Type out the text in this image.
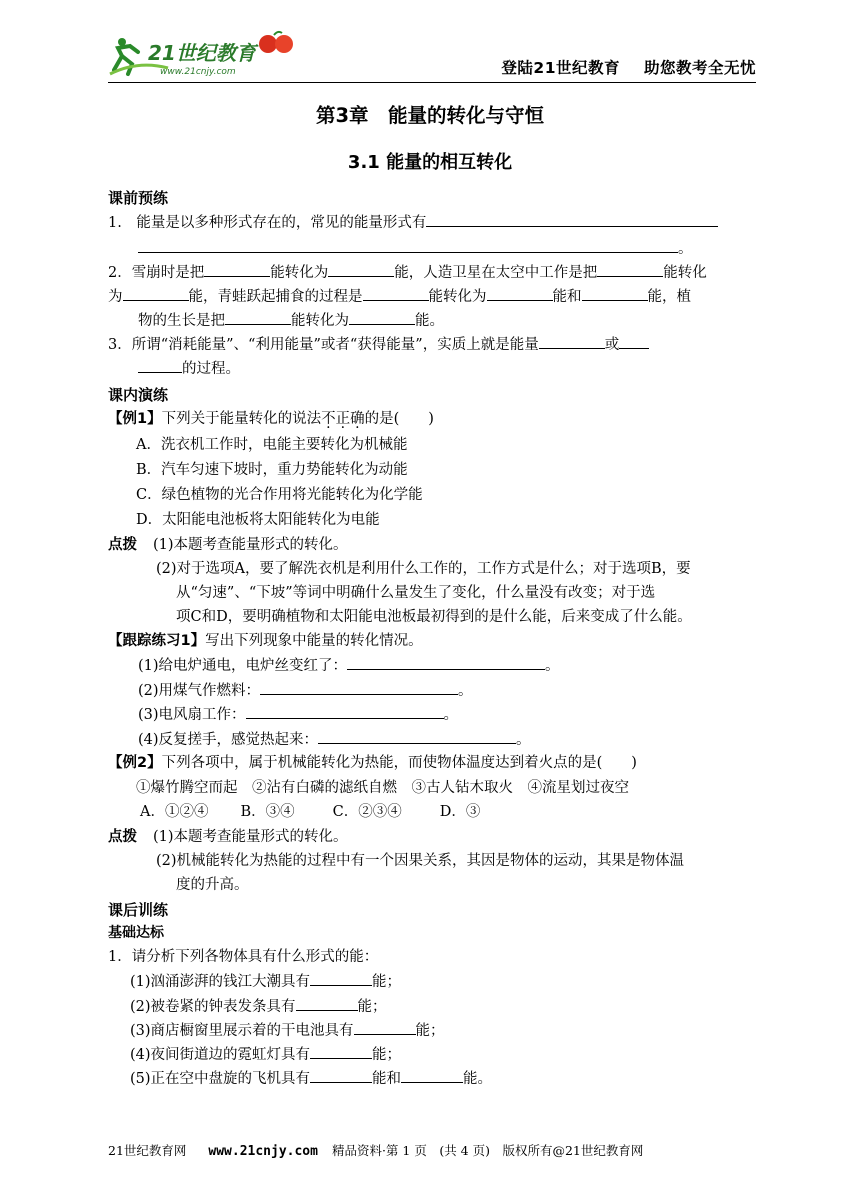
21世纪教育
www.21cnjy.com	登陆21世纪教育 助您教考全无忧
第3章　能量的转化与守恒
3.1 能量的相互转化
课前预练
1.　能量是以多种形式存在的，常见的能量形式有
。
2．雪崩时是把	能转化为	能，人造卫星在太空中工作是把	能转化
为	能，青蛙跃起捕食的过程是	能转化为	能和	能，植
物的生长是把	能转化为	能。
3．所谓“消耗能量”、“利用能量”或者“获得能量”，实质上就是能量	或
的过程。
课内演练
【例1】下列关于能量转化的说法不正确的是(　　)
A．洗衣机工作时，电能主要转化为机械能
B．汽车匀速下坡时，重力势能转化为动能
C．绿色植物的光合作用将光能转化为化学能
D．太阳能电池板将太阳能转化为电能
点拨 (1)本题考查能量形式的转化。
(2)对于选项A，要了解洗衣机是利用什么工作的，工作方式是什么；对于选项B，要
从“匀速”、“下坡”等词中明确什么量发生了变化，什么量没有改变；对于选
项C和D，要明确植物和太阳能电池板最初得到的是什么能，后来变成了什么能。
【跟踪练习1】写出下列现象中能量的转化情况。
(1)给电炉通电，电炉丝变红了：	。
(2)用煤气作燃料：	。
(3)电风扇工作：	。
(4)反复搓手，感觉热起来：	。
【例2】下列各项中，属于机械能转化为热能，而使物体温度达到着火点的是(　　)
①爆竹腾空而起　②沾有白磷的滤纸自燃　③古人钻木取火　④流星划过夜空
A．①②④ B．③④	C．②③④	D．③
点拨 (1)本题考查能量形式的转化。
(2)机械能转化为热能的过程中有一个因果关系，其因是物体的运动，其果是物体温
度的升高。
课后训练
基础达标
1．请分析下列各物体具有什么形式的能：
(1)汹涌澎湃的钱江大潮具有	能；
(2)被卷紧的钟表发条具有	能；
(3)商店橱窗里展示着的干电池具有	能；
(4)夜间街道边的霓虹灯具有	能；
(5)正在空中盘旋的飞机具有	能和	能。
21世纪教育网 www.21cnjy.com 精品资料·第 1 页　(共 4 页)　版权所有@21世纪教育网
